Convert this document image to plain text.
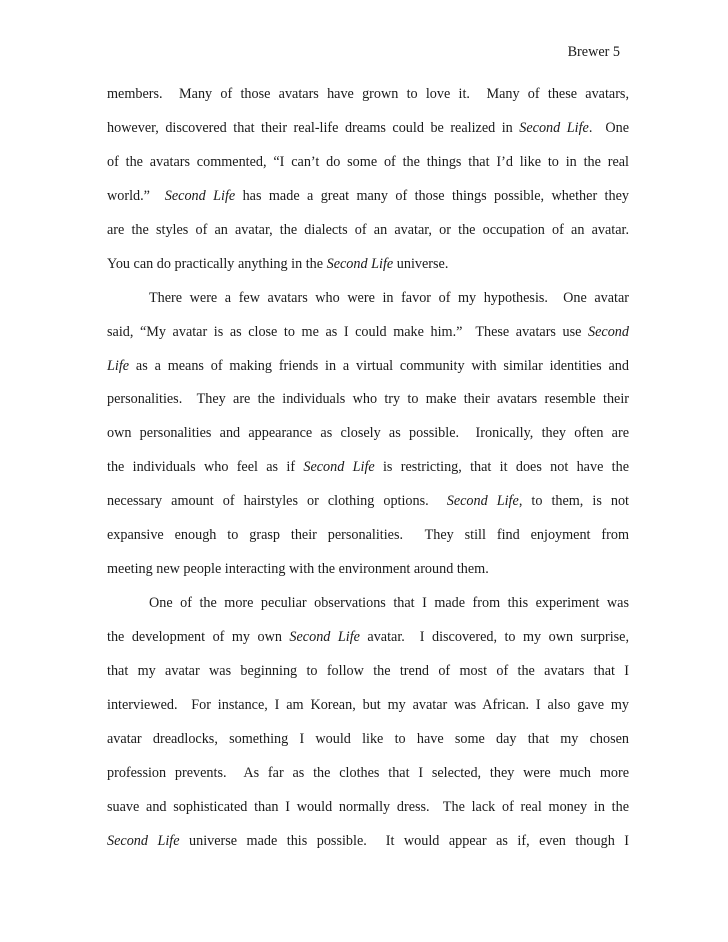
Brewer 5
members.  Many of those avatars have grown to love it.  Many of these avatars,
however, discovered that their real-life dreams could be realized in Second Life.  One
of the avatars commented, “I can’t do some of the things that I’d like to in the real
world.”  Second Life has made a great many of those things possible, whether they
are the styles of an avatar, the dialects of an avatar, or the occupation of an avatar.
You can do practically anything in the Second Life universe.
There were a few avatars who were in favor of my hypothesis.  One avatar
said, “My avatar is as close to me as I could make him.”  These avatars use Second
Life as a means of making friends in a virtual community with similar identities and
personalities.  They are the individuals who try to make their avatars resemble their
own personalities and appearance as closely as possible.  Ironically, they often are
the individuals who feel as if Second Life is restricting, that it does not have the
necessary amount of hairstyles or clothing options.  Second Life, to them, is not
expansive enough to grasp their personalities.  They still find enjoyment from
meeting new people interacting with the environment around them.
One of the more peculiar observations that I made from this experiment was
the development of my own Second Life avatar.  I discovered, to my own surprise,
that my avatar was beginning to follow the trend of most of the avatars that I
interviewed.  For instance, I am Korean, but my avatar was African. I also gave my
avatar dreadlocks, something I would like to have some day that my chosen
profession prevents.  As far as the clothes that I selected, they were much more
suave and sophisticated than I would normally dress.  The lack of real money in the
Second Life universe made this possible.  It would appear as if, even though I
